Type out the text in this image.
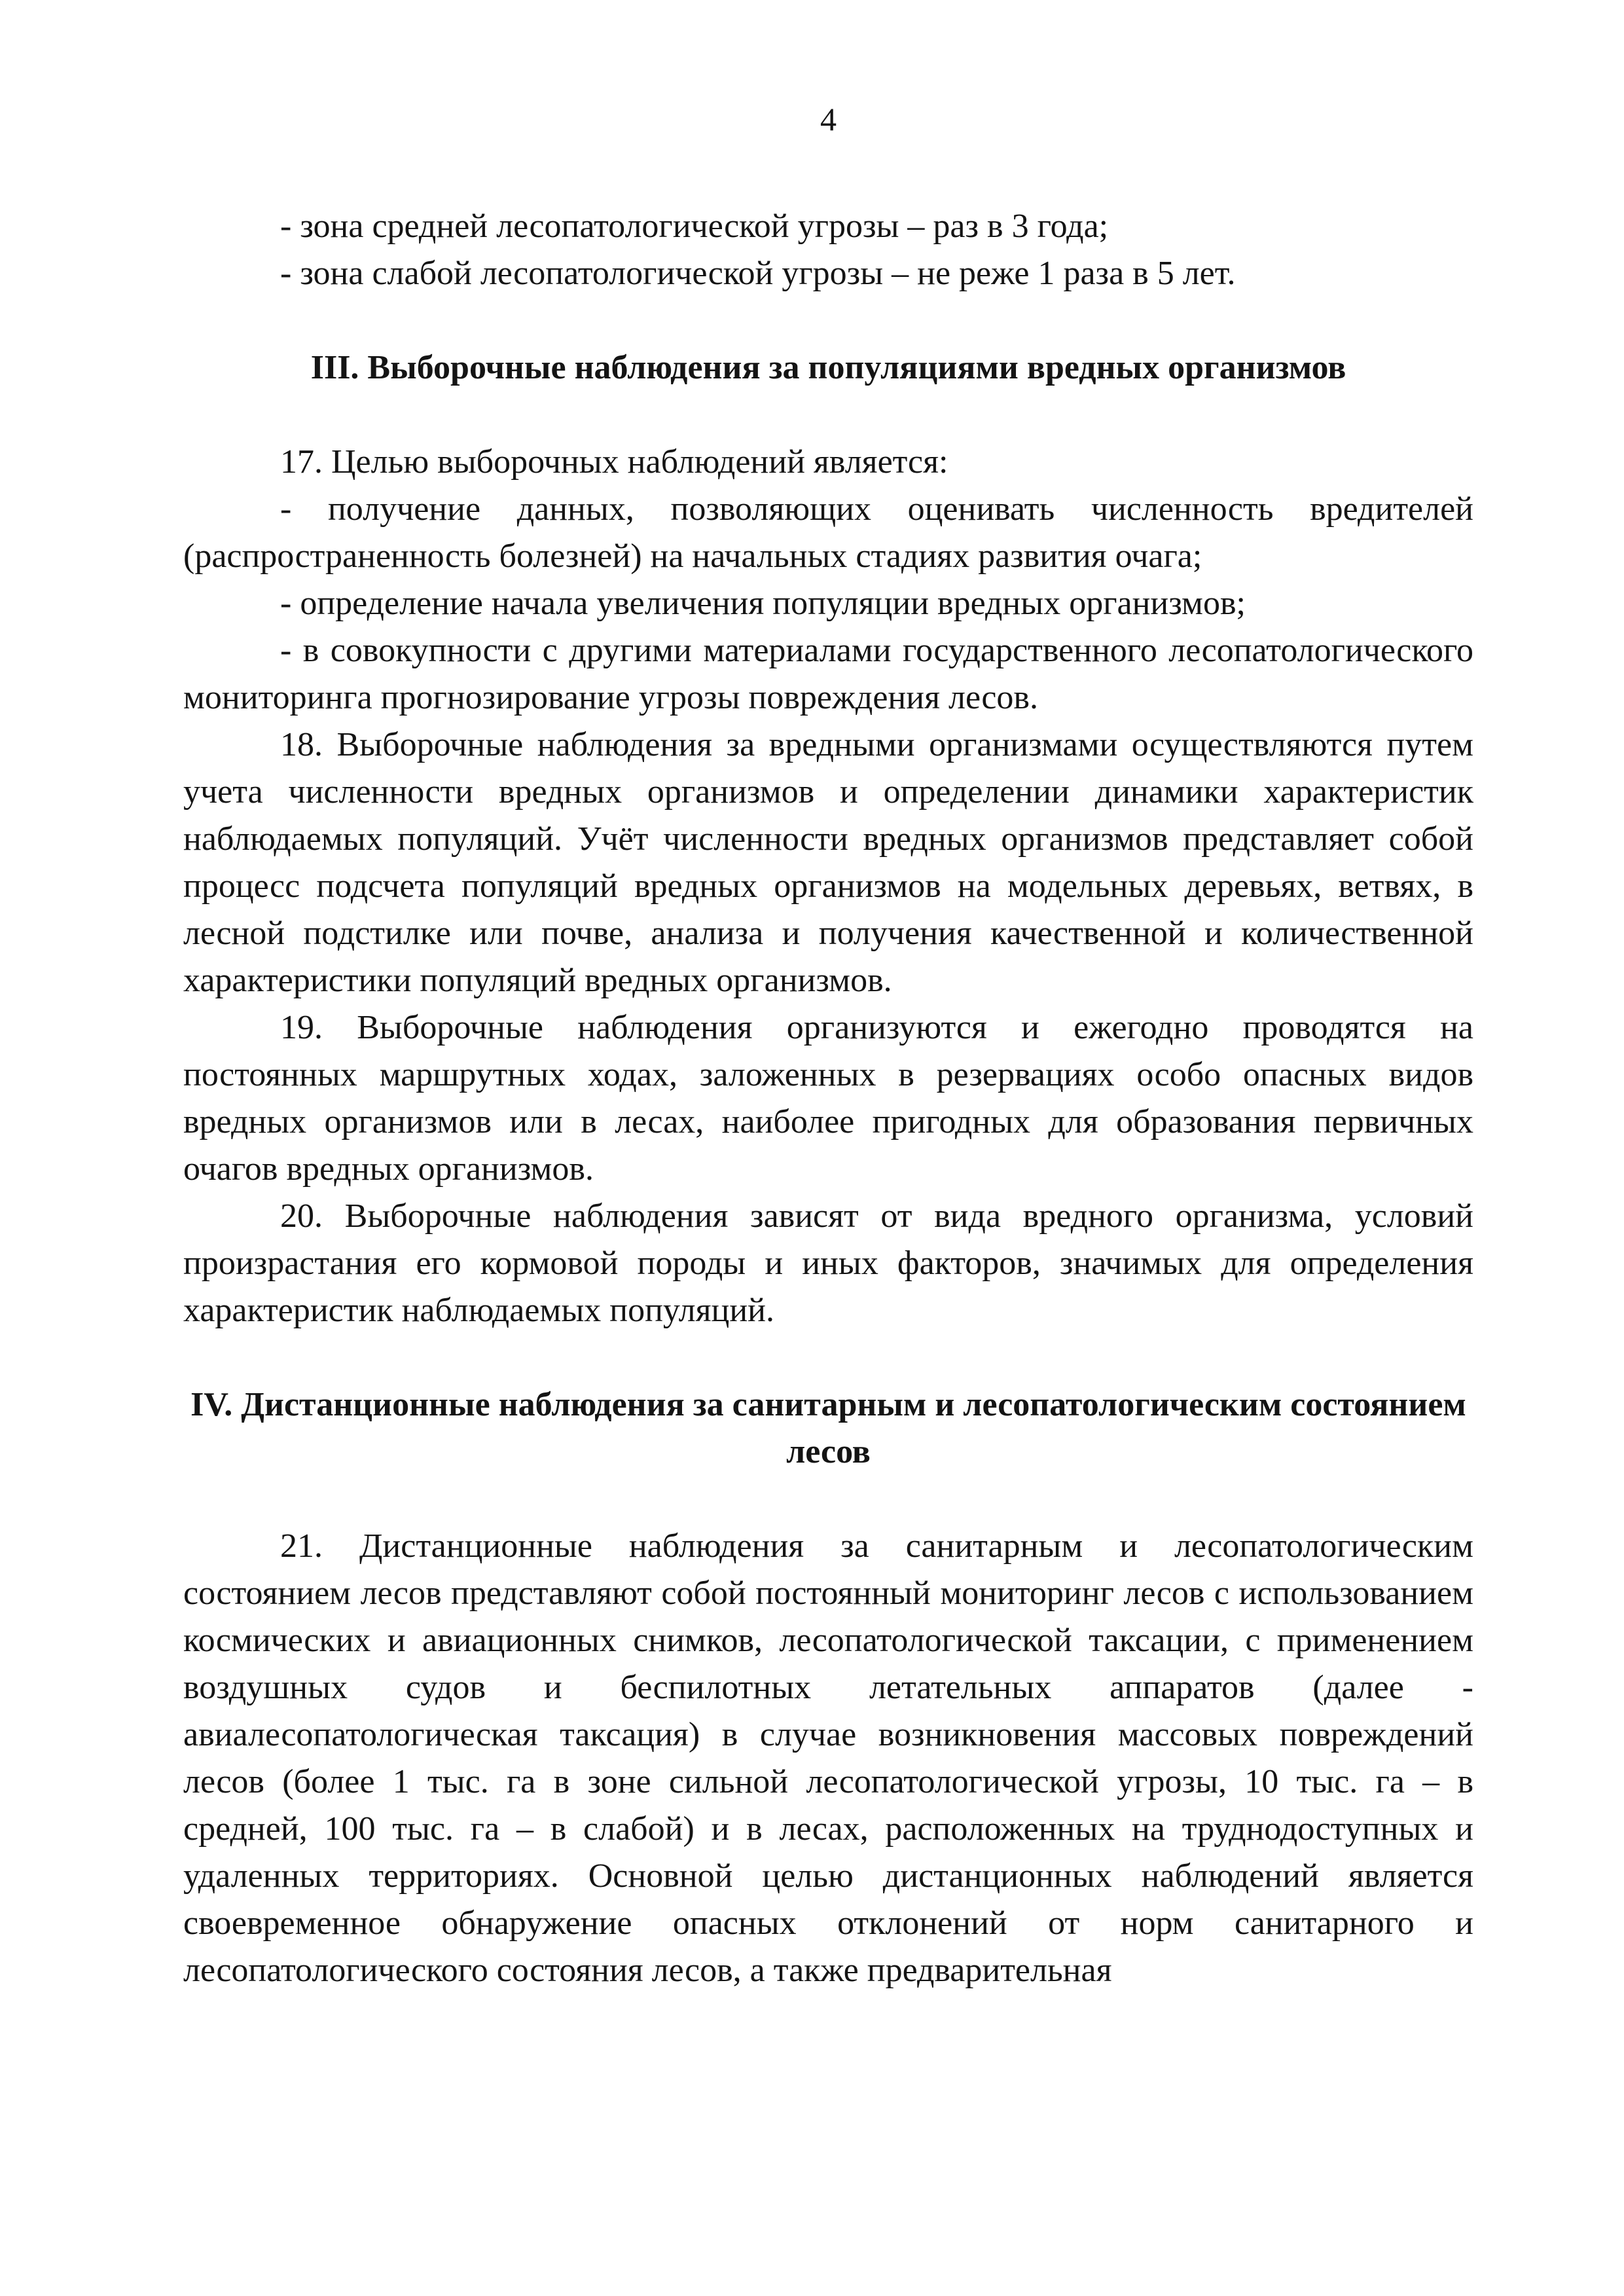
4

- зона средней лесопатологической угрозы – раз в 3 года;

- зона слабой лесопатологической угрозы – не реже 1 раза в 5 лет.

III. Выборочные наблюдения за популяциями вредных организмов

17. Целью выборочных наблюдений является:

- получение данных, позволяющих оценивать численность вредителей (распространенность болезней) на начальных стадиях развития очага;

- определение начала увеличения популяции вредных организмов;

- в совокупности с другими материалами государственного лесопатологического мониторинга прогнозирование угрозы повреждения лесов.

18. Выборочные наблюдения за вредными организмами осуществляются путем учета численности вредных организмов и определении динамики характеристик наблюдаемых популяций. Учёт численности вредных организмов представляет собой процесс подсчета популяций вредных организмов на модельных деревьях, ветвях, в лесной подстилке или почве, анализа и получения качественной и количественной характеристики популяций вредных организмов.

19. Выборочные наблюдения организуются и ежегодно проводятся на постоянных маршрутных ходах, заложенных в резервациях особо опасных видов вредных организмов или в лесах, наиболее пригодных для образования первичных очагов вредных организмов.

20. Выборочные наблюдения зависят от вида вредного организма, условий произрастания его кормовой породы и иных факторов, значимых для определения характеристик наблюдаемых популяций.

IV. Дистанционные наблюдения за санитарным и лесопатологическим состоянием лесов

21. Дистанционные наблюдения за санитарным и лесопатологическим состоянием лесов представляют собой постоянный мониторинг лесов с использованием космических и авиационных снимков, лесопатологической таксации, с применением воздушных судов и беспилотных летательных аппаратов (далее - авиалесопатологическая таксация) в случае возникновения массовых повреждений лесов (более 1 тыс. га в зоне сильной лесопатологической угрозы, 10 тыс. га – в средней, 100 тыс. га – в слабой) и в лесах, расположенных на труднодоступных и удаленных территориях. Основной целью дистанционных наблюдений является своевременное обнаружение опасных отклонений от норм санитарного и лесопатологического состояния лесов, а также предварительная
